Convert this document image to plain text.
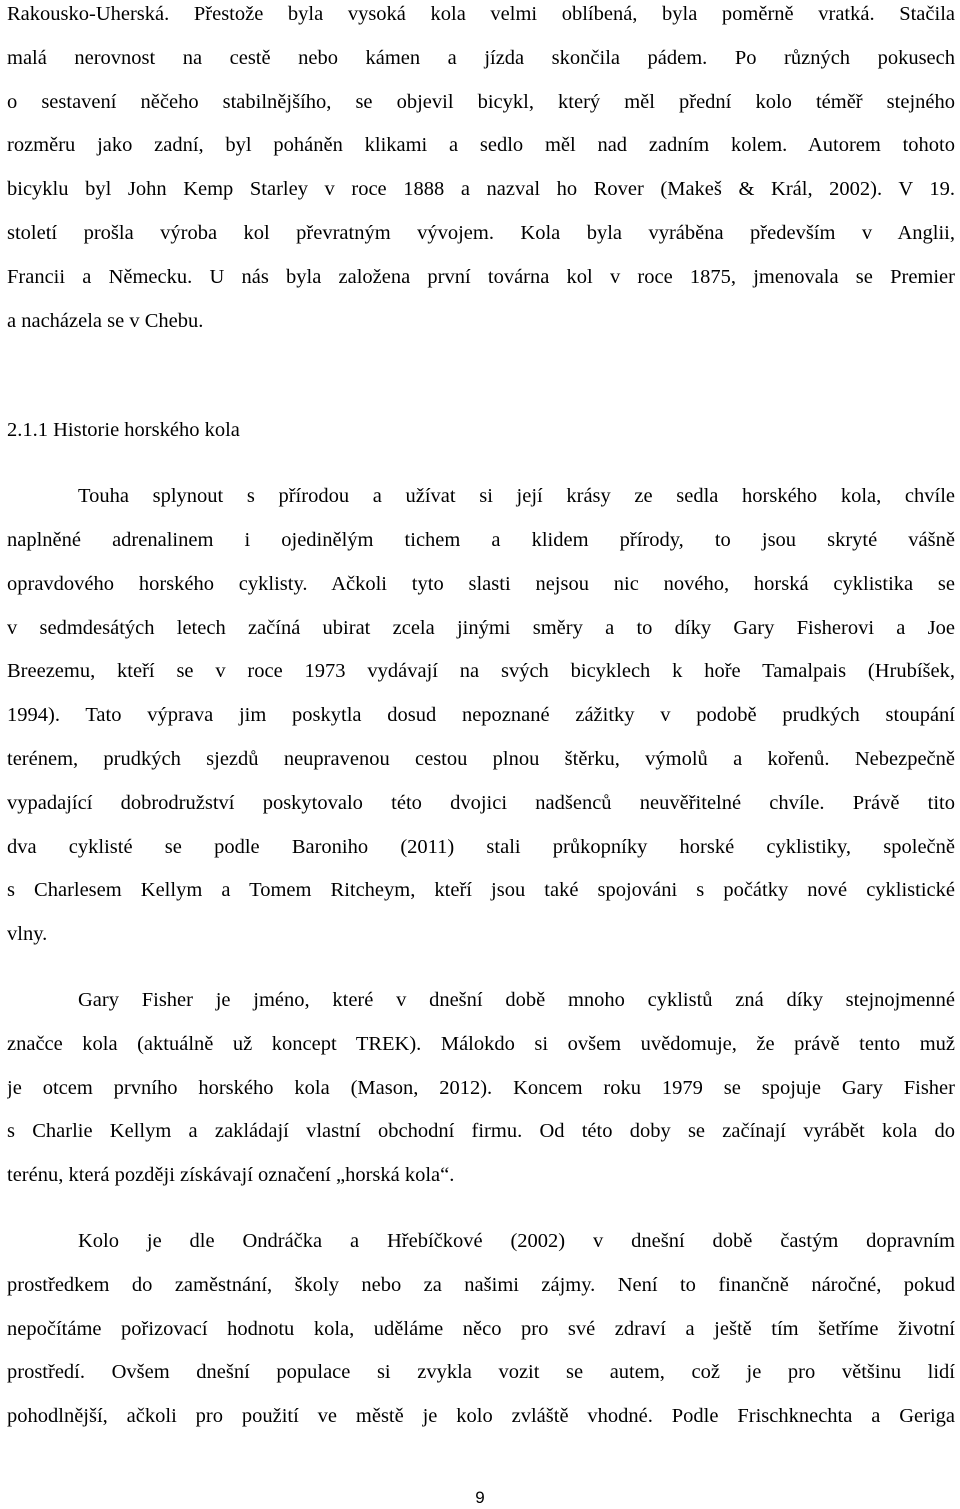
Rakousko-Uherská. Přestože byla vysoká kola velmi oblíbená, byla poměrně vratká. Stačila
malá nerovnost na cestě nebo kámen a jízda skončila pádem. Po různých pokusech
o sestavení něčeho stabilnějšího, se objevil bicykl, který měl přední kolo téměř stejného
rozměru jako zadní, byl poháněn klikami a sedlo měl nad zadním kolem. Autorem tohoto
bicyklu byl John Kemp Starley v roce 1888 a nazval ho Rover (Makeš & Král, 2002). V 19.
století prošla výroba kol převratným vývojem. Kola byla vyráběna především v Anglii,
Francii a Německu. U nás byla založena první továrna kol v roce 1875, jmenovala se Premier
a nacházela se v Chebu.
2.1.1 Historie horského kola
Touha splynout s přírodou a užívat si její krásy ze sedla horského kola, chvíle
naplněné adrenalinem i ojedinělým tichem a klidem přírody, to jsou skryté vášně
opravdového horského cyklisty. Ačkoli tyto slasti nejsou nic nového, horská cyklistika se
v sedmdesátých letech začíná ubirat zcela jinými směry a to díky Gary Fisherovi a Joe
Breezemu, kteří se v roce 1973 vydávají na svých bicyklech k hoře Tamalpais (Hrubíšek,
1994). Tato výprava jim poskytla dosud nepoznané zážitky v podobě prudkých stoupání
terénem, prudkých sjezdů neupravenou cestou plnou štěrku, výmolů a kořenů. Nebezpečně
vypadající dobrodružství poskytovalo této dvojici nadšenců neuvěřitelné chvíle. Právě tito
dva cyklisté se podle Baroniho (2011) stali průkopníky horské cyklistiky, společně
s Charlesem Kellym a Tomem Ritcheym, kteří jsou také spojováni s počátky nové cyklistické
vlny.
Gary Fisher je jméno, které v dnešní době mnoho cyklistů zná díky stejnojmenné
značce kola (aktuálně už koncept TREK). Málokdo si ovšem uvědomuje, že právě tento muž
je otcem prvního horského kola (Mason, 2012). Koncem roku 1979 se spojuje Gary Fisher
s Charlie Kellym a zakládají vlastní obchodní firmu. Od této doby se začínají vyrábět kola do
terénu, která později získávají označení „horská kola“.
Kolo je dle Ondráčka a Hřebíčkové (2002) v dnešní době častým dopravním
prostředkem do zaměstnání, školy nebo za našimi zájmy. Není to finančně náročné, pokud
nepočítáme pořizovací hodnotu kola, uděláme něco pro své zdraví a ještě tím šetříme životní
prostředí. Ovšem dnešní populace si zvykla vozit se autem, což je pro většinu lidí
pohodlnější, ačkoli pro použití ve městě je kolo zvláště vhodné. Podle Frischknechta a Geriga
9
